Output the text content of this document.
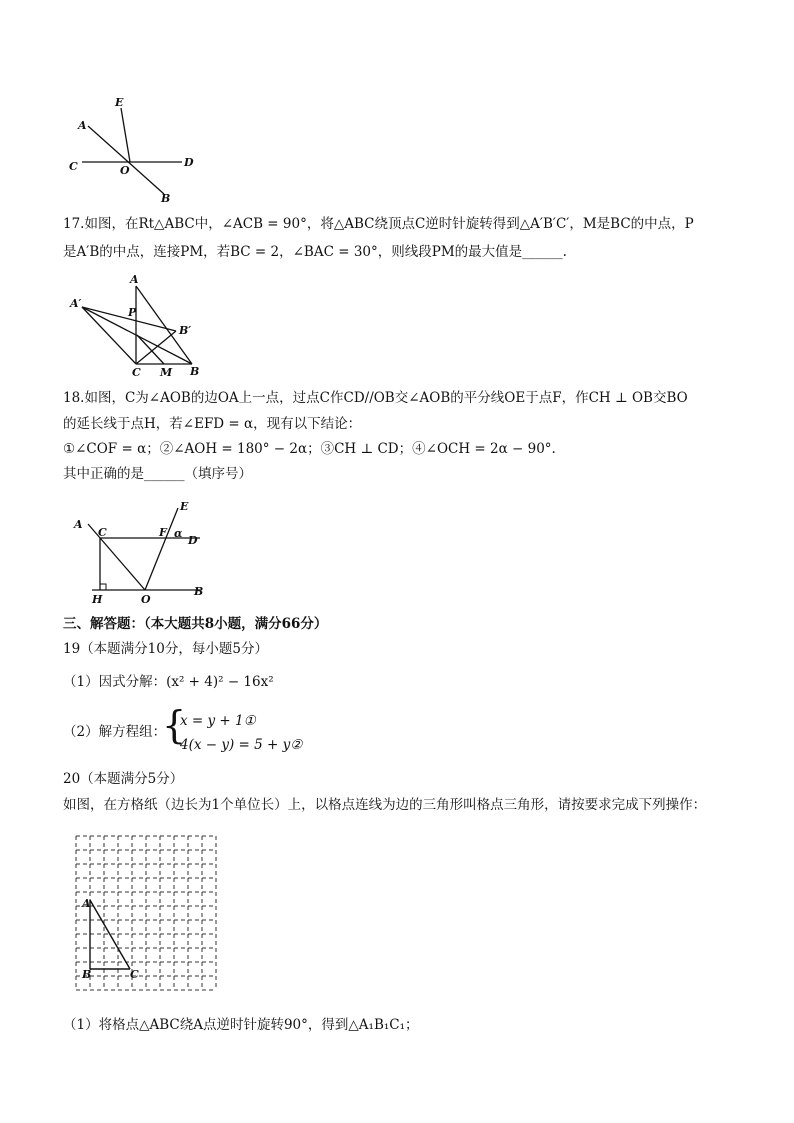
E
A
C	O
D
B
17.如图，在Rt△ABC中，∠ACB = 90°，将△ABC绕顶点C逆时针旋转得到△A′B′C′，M是BC的中点，P
是A′B的中点，连接PM，若BC = 2，∠BAC = 30°，则线段PM的最大值是______.
A
A′
P
B′
C M B
18.如图，C为∠AOB的边OA上一点，过点C作CD//OB交∠AOB的平分线OE于点F，作CH ⊥ OB交BO
的延长线于点H，若∠EFD = α，现有以下结论：
①∠COF = α；②∠AOH = 180° − 2α；③CH ⊥ CD；④∠OCH = 2α − 90°.
其中正确的是______（填序号）
E
A
C	F α
D
H	O
B
三、解答题：（本大题共8小题，满分66分）
19（本题满分10分，每小题5分）
（1）因式分解：(x² + 4)² − 16x²
（2）解方程组：
{
x = y + 1①
4(x − y) = 5 + y②
20（本题满分5分）
如图，在方格纸（边长为1个单位长）上，以格点连线为边的三角形叫格点三角形，请按要求完成下列操作：
A
B	C
（1）将格点△ABC绕A点逆时针旋转90°，得到△A₁B₁C₁；
